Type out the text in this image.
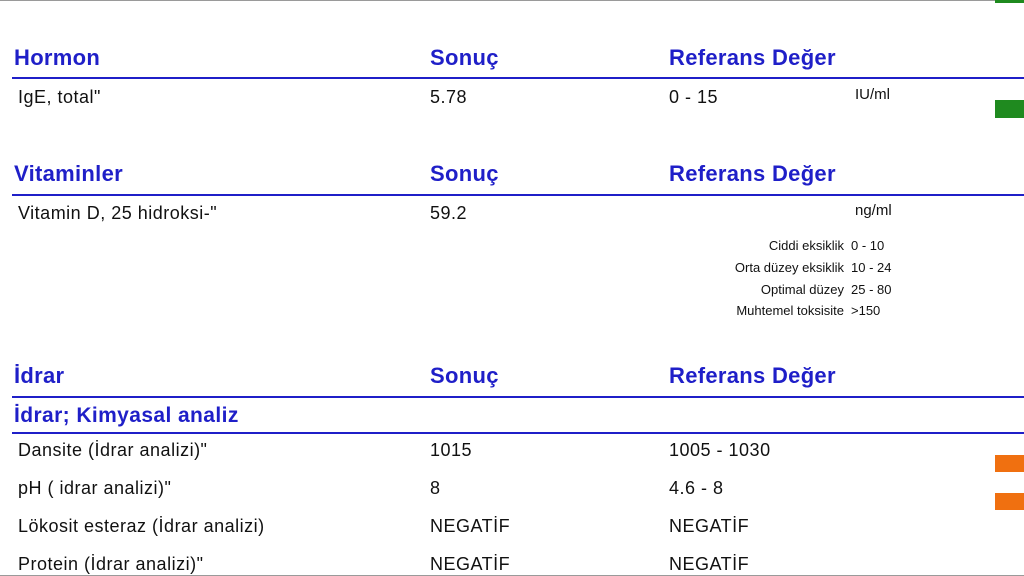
Hormon	Sonuç	Referans Değer
IgE, total"	5.78	0 - 15	IU/ml
Vitaminler	Sonuç	Referans Değer
Vitamin D, 25 hidroksi-"	59.2	ng/ml
Ciddi eksiklik 0 - 10
Orta düzey eksiklik 10 - 24
Optimal düzey 25 - 80
Muhtemel toksisite >150
İdrar	Sonuç	Referans Değer
İdrar; Kimyasal analiz
Dansite (İdrar analizi)"	1015	1005 - 1030
pH ( idrar analizi)"	8	4.6 - 8
Lökosit esteraz (İdrar analizi)	NEGATİF	NEGATİF
Protein (İdrar analizi)"	NEGATİF	NEGATİF
